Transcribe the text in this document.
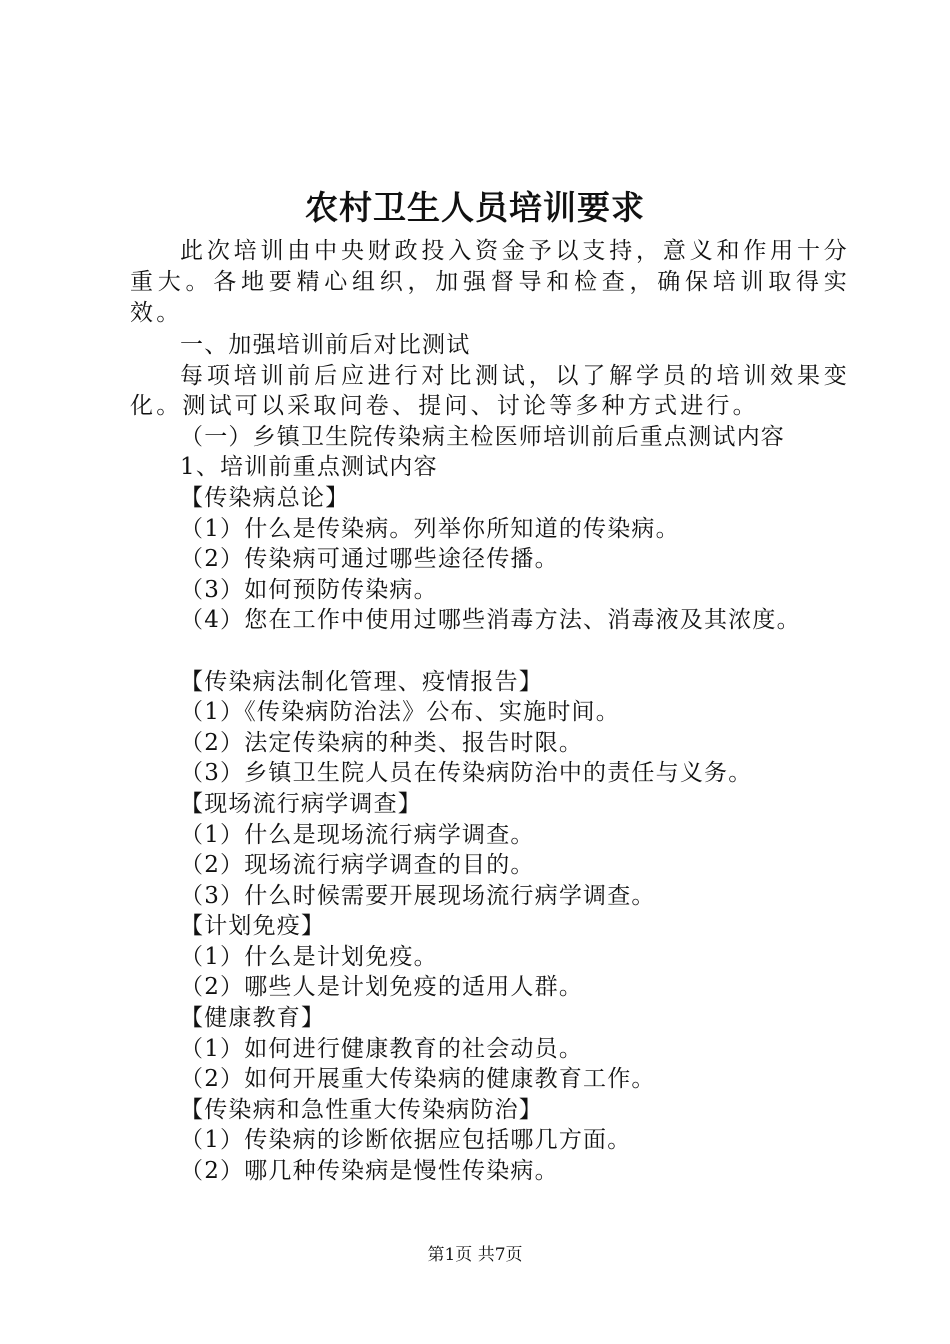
农村卫生人员培训要求
此次培训由中央财政投入资金予以支持，意义和作用十分重大。各地要精心组织，加强督导和检查，确保培训取得实效。
一、加强培训前后对比测试
每项培训前后应进行对比测试，以了解学员的培训效果变化。测试可以采取问卷、提问、讨论等多种方式进行。
（一）乡镇卫生院传染病主检医师培训前后重点测试内容
1、培训前重点测试内容
【传染病总论】
（1）什么是传染病。列举你所知道的传染病。
（2）传染病可通过哪些途径传播。
（3）如何预防传染病。
（4）您在工作中使用过哪些消毒方法、消毒液及其浓度。
【传染病法制化管理、疫情报告】
（1）《传染病防治法》公布、实施时间。
（2）法定传染病的种类、报告时限。
（3）乡镇卫生院人员在传染病防治中的责任与义务。
【现场流行病学调查】
（1）什么是现场流行病学调查。
（2）现场流行病学调查的目的。
（3）什么时候需要开展现场流行病学调查。
【计划免疫】
（1）什么是计划免疫。
（2）哪些人是计划免疫的适用人群。
【健康教育】
（1）如何进行健康教育的社会动员。
（2）如何开展重大传染病的健康教育工作。
【传染病和急性重大传染病防治】
（1）传染病的诊断依据应包括哪几方面。
（2）哪几种传染病是慢性传染病。
第1页 共7页
